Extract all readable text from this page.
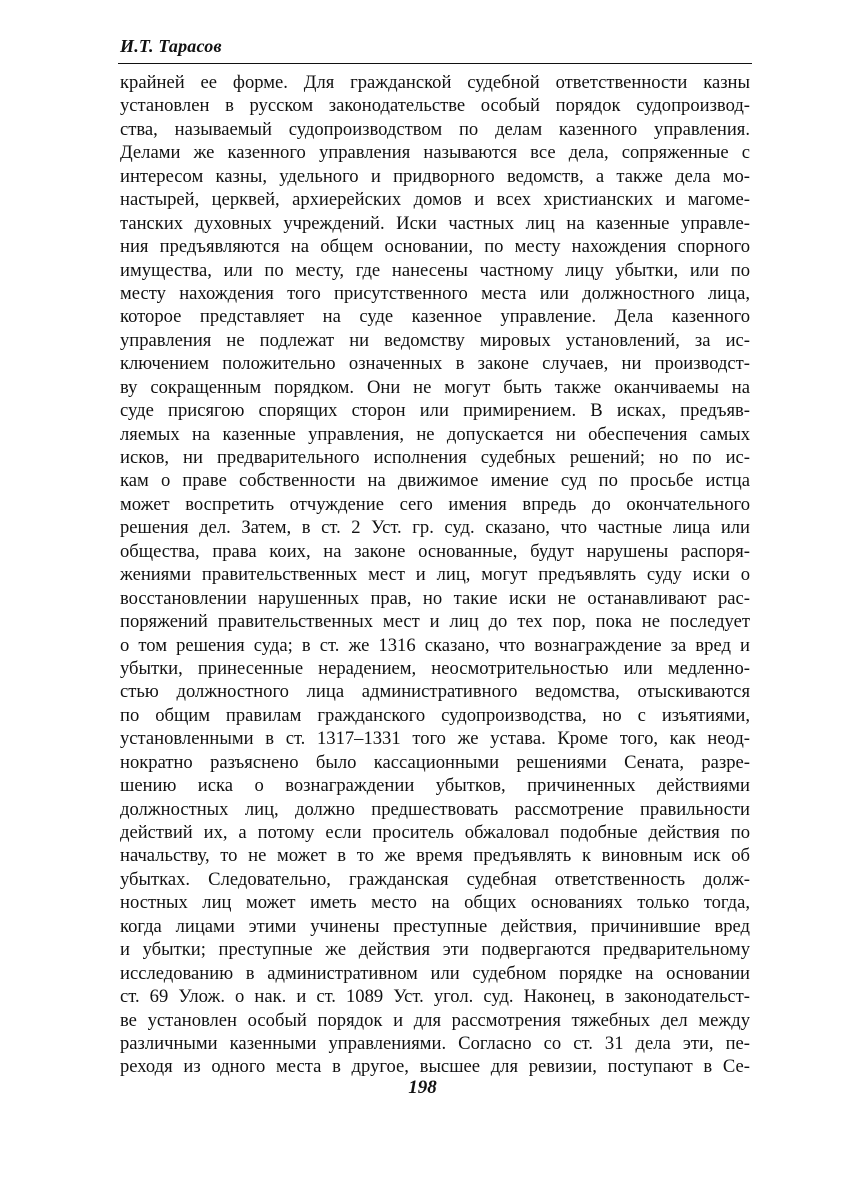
И.Т. Тарасов
крайней ее форме. Для гражданской судебной ответственности казны
установлен в русском законодательстве особый порядок судопроизвод-
ства, называемый судопроизводством по делам казенного управления.
Делами же казенного управления называются все дела, сопряженные с
интересом казны, удельного и придворного ведомств, а также дела мо-
настырей, церквей, архиерейских домов и всех христианских и магоме-
танских духовных учреждений. Иски частных лиц на казенные управле-
ния предъявляются на общем основании, по месту нахождения спорного
имущества, или по месту, где нанесены частному лицу убытки, или по
месту нахождения того присутственного места или должностного лица,
которое представляет на суде казенное управление. Дела казенного
управления не подлежат ни ведомству мировых установлений, за ис-
ключением положительно означенных в законе случаев, ни производст-
ву сокращенным порядком. Они не могут быть также оканчиваемы на
суде присягою спорящих сторон или примирением. В исках, предъяв-
ляемых на казенные управления, не допускается ни обеспечения самых
исков, ни предварительного исполнения судебных решений; но по ис-
кам о праве собственности на движимое имение суд по просьбе истца
может воспретить отчуждение сего имения впредь до окончательного
решения дел. Затем, в ст. 2 Уст. гр. суд. сказано, что частные лица или
общества, права коих, на законе основанные, будут нарушены распоря-
жениями правительственных мест и лиц, могут предъявлять суду иски о
восстановлении нарушенных прав, но такие иски не останавливают рас-
поряжений правительственных мест и лиц до тех пор, пока не последует
о том решения суда; в ст. же 1316 сказано, что вознаграждение за вред и
убытки, принесенные нерадением, неосмотрительностью или медленно-
стью должностного лица административного ведомства, отыскиваются
по общим правилам гражданского судопроизводства, но с изъятиями,
установленными в ст. 1317–1331 того же устава. Кроме того, как неод-
нократно разъяснено было кассационными решениями Сената, разре-
шению иска о вознаграждении убытков, причиненных действиями
должностных лиц, должно предшествовать рассмотрение правильности
действий их, а потому если проситель обжаловал подобные действия по
начальству, то не может в то же время предъявлять к виновным иск об
убытках. Следовательно, гражданская судебная ответственность долж-
ностных лиц может иметь место на общих основаниях только тогда,
когда лицами этими учинены преступные действия, причинившие вред
и убытки; преступные же действия эти подвергаются предварительному
исследованию в административном или судебном порядке на основании
ст. 69 Улож. о нак. и ст. 1089 Уст. угол. суд. Наконец, в законодательст-
ве установлен особый порядок и для рассмотрения тяжебных дел между
различными казенными управлениями. Согласно со ст. 31 дела эти, пе-
реходя из одного места в другое, высшее для ревизии, поступают в Се-
198
